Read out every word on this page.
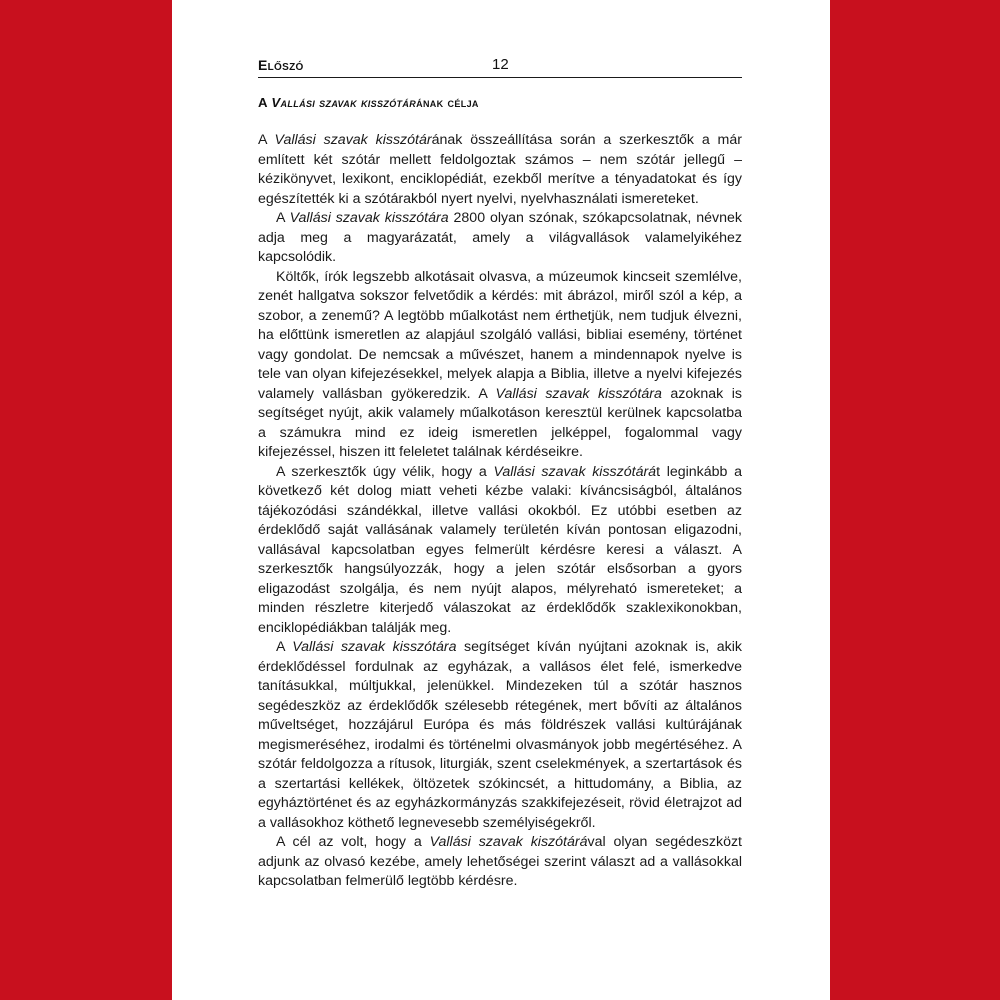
Előszó	12
A Vallási szavak kisszótárának célja

A Vallási szavak kisszótárának összeállítása során a szerkesztők a már említett két szótár mellett feldolgoztak számos – nem szótár jellegű – kézikönyvet, lexikont, enciklopédiát, ezekből merítve a tényadatokat és így egészítették ki a szótárakból nyert nyelvi, nyelvhasználati ismereteket.

A Vallási szavak kisszótára 2800 olyan szónak, szókapcsolatnak, névnek adja meg a magyarázatát, amely a világvallások valamelyikéhez kapcsolódik.

Költők, írók legszebb alkotásait olvasva, a múzeumok kincseit szemlélve, zenét hallgatva sokszor felvetődik a kérdés: mit ábrázol, miről szól a kép, a szobor, a zenemű? A legtöbb műalkotást nem érthetjük, nem tudjuk élvezni, ha előttünk ismeretlen az alapjául szolgáló vallási, bibliai esemény, történet vagy gondolat. De nemcsak a művészet, hanem a mindennapok nyelve is tele van olyan kifejezésekkel, melyek alapja a Biblia, illetve a nyelvi kifejezés valamely vallásban gyökeredzik. A Vallási szavak kisszótára azoknak is segítséget nyújt, akik valamely műalkotáson keresztül kerülnek kapcsolatba a számukra mind ez ideig ismeretlen jelképpel, fogalommal vagy kifejezéssel, hiszen itt feleletet találnak kérdéseikre.

A szerkesztők úgy vélik, hogy a Vallási szavak kisszótárát leginkább a következő két dolog miatt veheti kézbe valaki: kíváncsiságból, általános tájékozódási szándékkal, illetve vallási okokból. Ez utóbbi esetben az érdeklődő saját vallásának valamely területén kíván pontosan eligazodni, vallásával kapcsolatban egyes felmerült kérdésre keresi a választ. A szerkesztők hangsúlyozzák, hogy a jelen szótár elsősorban a gyors eligazodást szolgálja, és nem nyújt alapos, mélyreható ismereteket; a minden részletre kiterjedő válaszokat az érdeklődők szaklexikonokban, enciklopédiákban találják meg.

A Vallási szavak kisszótára segítséget kíván nyújtani azoknak is, akik érdeklődéssel fordulnak az egyházak, a vallásos élet felé, ismerkedve tanításukkal, múltjukkal, jelenükkel. Mindezeken túl a szótár hasznos segédeszköz az érdeklődők szélesebb rétegének, mert bővíti az általános műveltséget, hozzájárul Európa és más földrészek vallási kultúrájának megismeréséhez, irodalmi és történelmi olvasmányok jobb megértéséhez. A szótár feldolgozza a rítusok, liturgiák, szent cselekmények, a szertartások és a szertartási kellékek, öltözetek szókincsét, a hittudomány, a Biblia, az egyháztörténet és az egyházkormányzás szakkifejezéseit, rövid életrajzot ad a vallásokhoz köthető legnevesebb személyiségekről.

A cél az volt, hogy a Vallási szavak kiszótárával olyan segédeszközt adjunk az olvasó kezébe, amely lehetőségei szerint választ ad a vallásokkal kapcsolatban felmerülő legtöbb kérdésre.
